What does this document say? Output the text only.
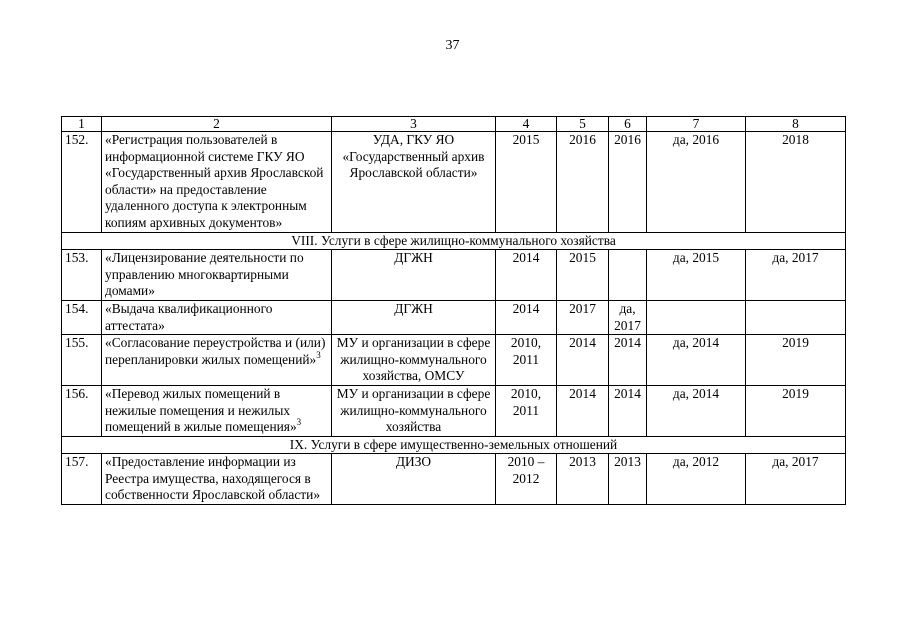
37
1	2	3	4	5	6	7	8
152.	«Регистрация пользователей в информационной системе ГКУ ЯО «Государственный архив Ярославской области» на предоставление удаленного доступа к электронным копиям архивных документов»	УДА, ГКУ ЯО «Государственный архив Ярославской области»	2015	2016	2016	да, 2016	2018
VIII. Услуги в сфере жилищно-коммунального хозяйства							
153.	«Лицензирование деятельности по управлению многоквартирными домами»	ДГЖН	2014	2015		да, 2015	да, 2017
154.	«Выдача квалификационного аттестата»	ДГЖН	2014	2017	да, 2017		
155.	«Согласование переустройства и (или) перепланировки жилых помещений»$^3$	МУ и организации в сфере жилищно-коммунального хозяйства, ОМСУ	2010, 2011	2014	2014	да, 2014	2019
156.	«Перевод жилых помещений в нежилые помещения и нежилых помещений в жилые помещения»$^3$	МУ и организации в сфере жилищно-коммунального хозяйства	2010, 2011	2014	2014	да, 2014	2019
IX. Услуги в сфере имущественно-земельных отношений							
157.	«Предоставление информации из Реестра имущества, находящегося в собственности Ярославской области»	ДИЗО	2010 – 2012	2013	2013	да, 2012	да, 2017
